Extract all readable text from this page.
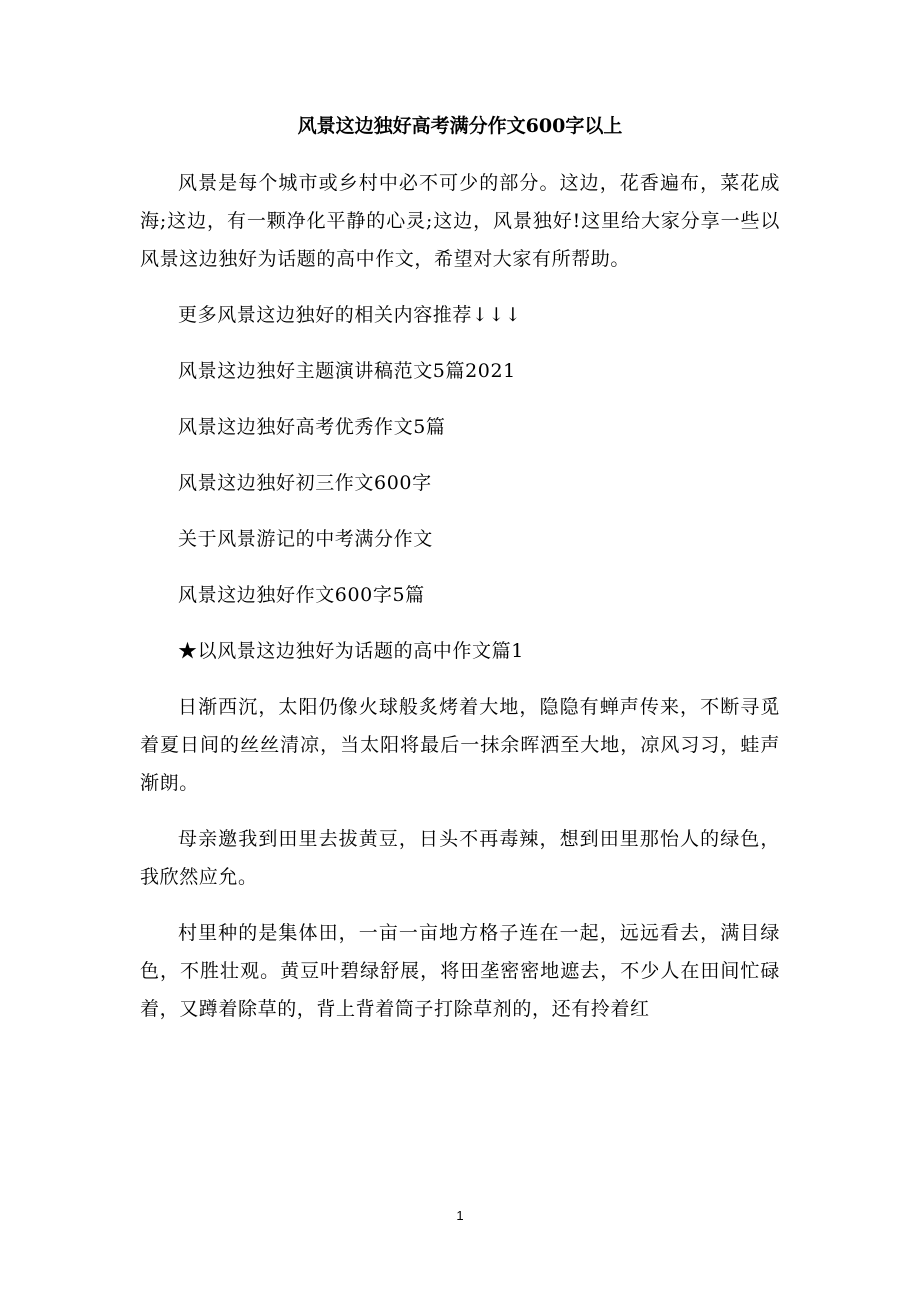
风景这边独好高考满分作文600字以上

风景是每个城市或乡村中必不可少的部分。这边，花香遍布，菜花成海;这边，有一颗净化平静的心灵;这边，风景独好!这里给大家分享一些以风景这边独好为话题的高中作文，希望对大家有所帮助。

更多风景这边独好的相关内容推荐↓↓↓

风景这边独好主题演讲稿范文5篇2021

风景这边独好高考优秀作文5篇

风景这边独好初三作文600字

关于风景游记的中考满分作文

风景这边独好作文600字5篇

★以风景这边独好为话题的高中作文篇1

日渐西沉，太阳仍像火球般炙烤着大地，隐隐有蝉声传来，不断寻觅着夏日间的丝丝清凉，当太阳将最后一抹余晖洒至大地，凉风习习，蛙声渐朗。

母亲邀我到田里去拔黄豆，日头不再毒辣，想到田里那怡人的绿色，我欣然应允。

村里种的是集体田，一亩一亩地方格子连在一起，远远看去，满目绿色，不胜壮观。黄豆叶碧绿舒展，将田垄密密地遮去，不少人在田间忙碌着，又蹲着除草的，背上背着筒子打除草剂的，还有拎着红

1
